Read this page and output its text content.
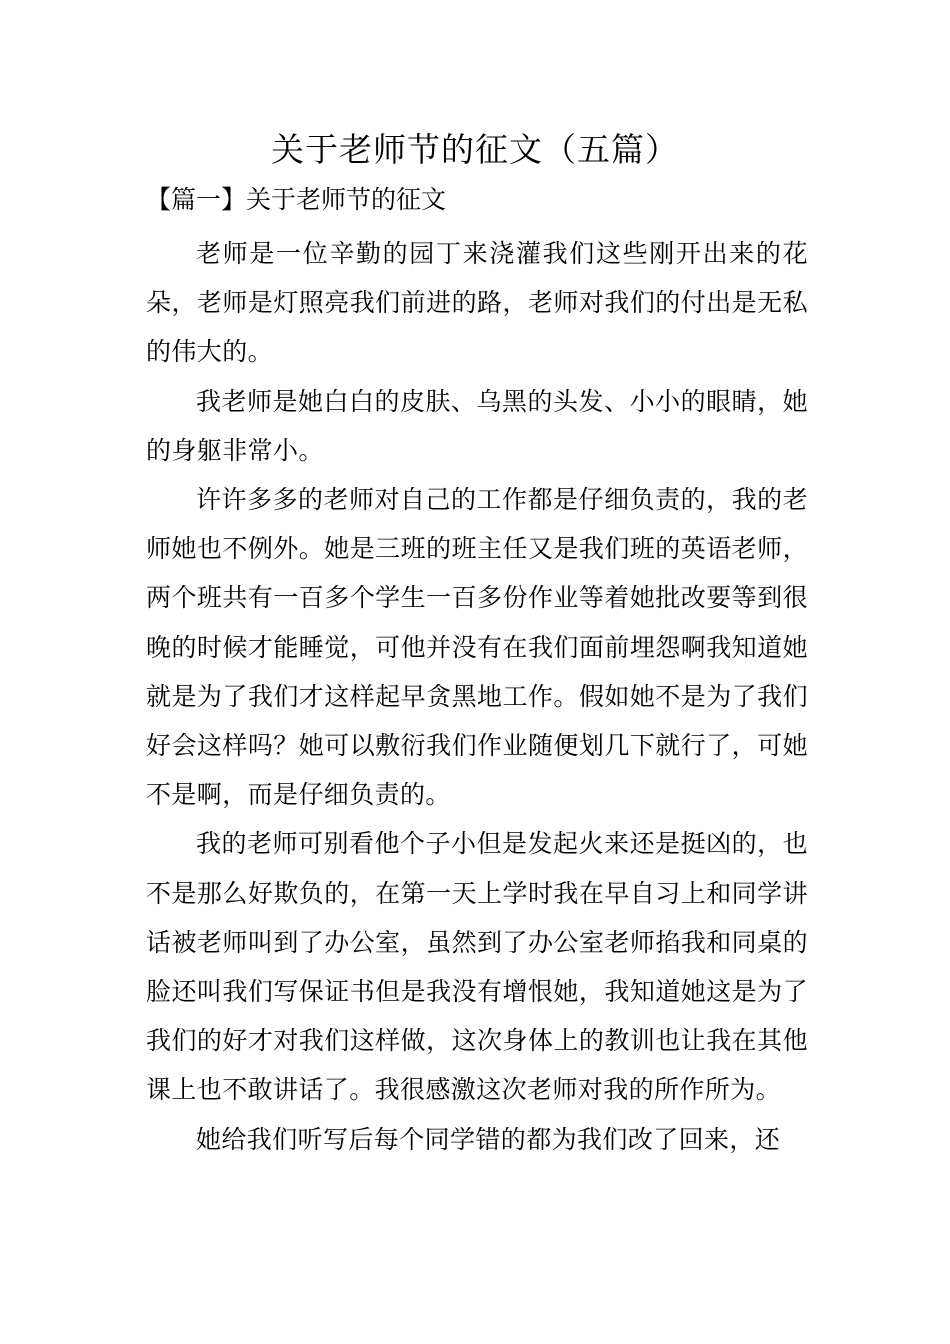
关于老师节的征文（五篇）
【篇一】关于老师节的征文

老师是一位辛勤的园丁来浇灌我们这些刚开出来的花朵，老师是灯照亮我们前进的路，老师对我们的付出是无私的伟大的。

我老师是她白白的皮肤、乌黑的头发、小小的眼睛，她的身躯非常小。

许许多多的老师对自己的工作都是仔细负责的，我的老师她也不例外。她是三班的班主任又是我们班的英语老师，两个班共有一百多个学生一百多份作业等着她批改要等到很晚的时候才能睡觉，可他并没有在我们面前埋怨啊我知道她就是为了我们才这样起早贪黑地工作。假如她不是为了我们好会这样吗？她可以敷衍我们作业随便划几下就行了，可她不是啊，而是仔细负责的。

我的老师可别看他个子小但是发起火来还是挺凶的，也不是那么好欺负的，在第一天上学时我在早自习上和同学讲话被老师叫到了办公室，虽然到了办公室老师掐我和同桌的脸还叫我们写保证书但是我没有增恨她，我知道她这是为了我们的好才对我们这样做，这次身体上的教训也让我在其他课上也不敢讲话了。我很感激这次老师对我的所作所为。

她给我们听写后每个同学错的都为我们改了回来，还
